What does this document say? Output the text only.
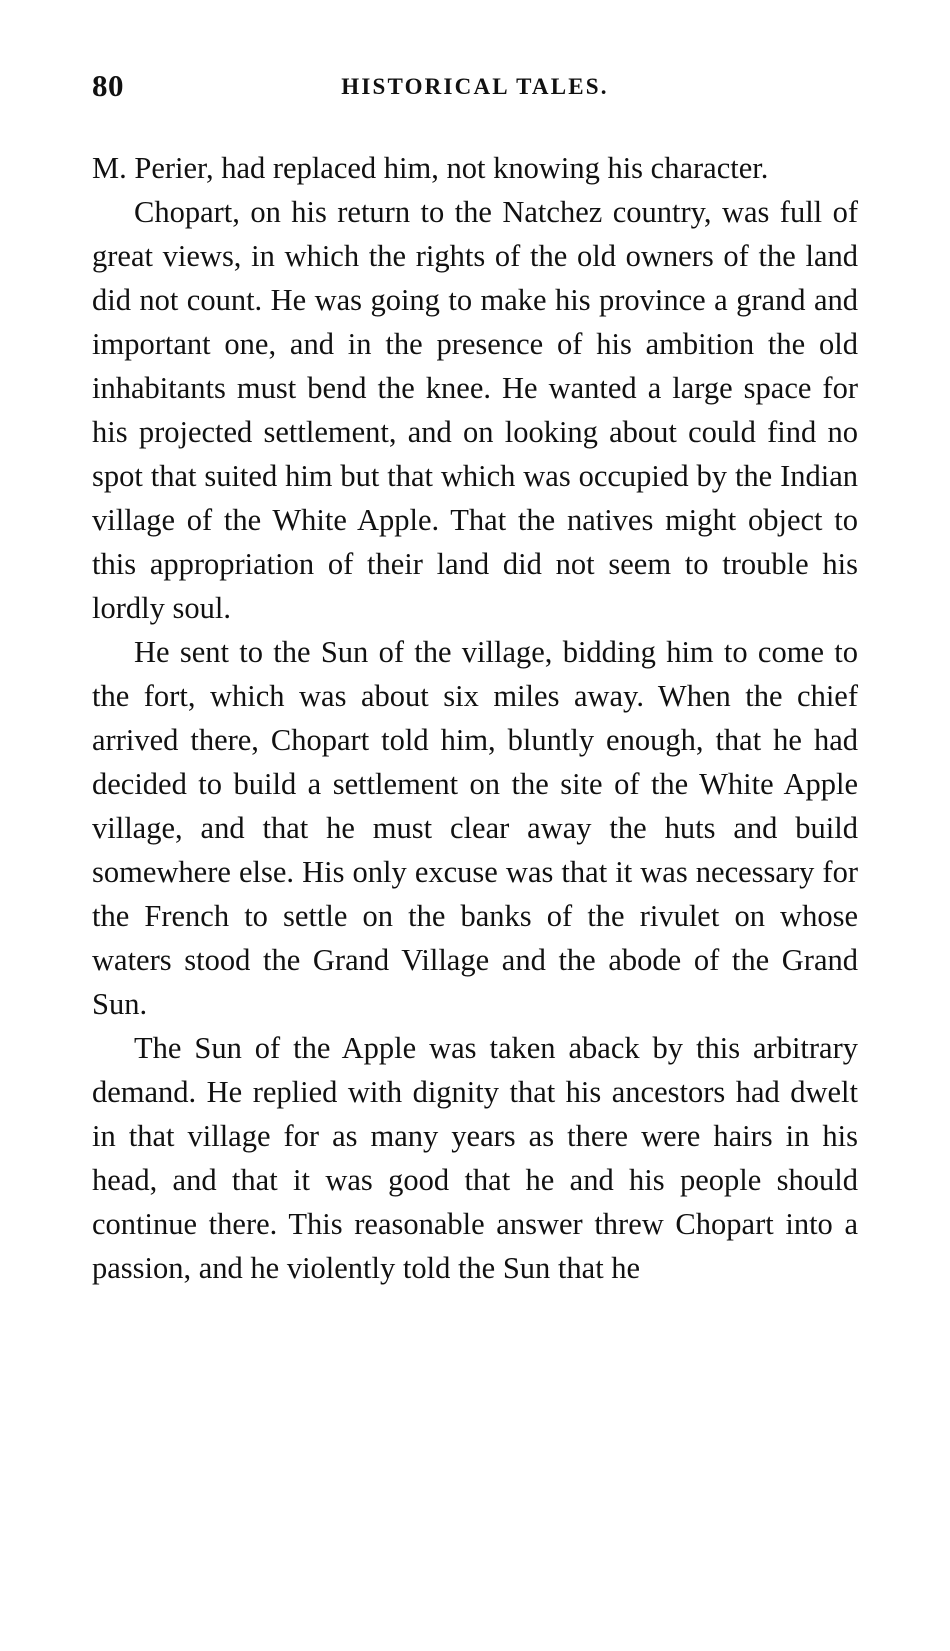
80	HISTORICAL TALES.

M. Perier, had replaced him, not knowing his character.

Chopart, on his return to the Natchez country, was full of great views, in which the rights of the old owners of the land did not count. He was going to make his province a grand and important one, and in the presence of his ambition the old inhabitants must bend the knee. He wanted a large space for his projected settlement, and on looking about could find no spot that suited him but that which was occupied by the Indian village of the White Apple. That the natives might object to this appropriation of their land did not seem to trouble his lordly soul.

He sent to the Sun of the village, bidding him to come to the fort, which was about six miles away. When the chief arrived there, Chopart told him, bluntly enough, that he had decided to build a settlement on the site of the White Apple village, and that he must clear away the huts and build somewhere else. His only excuse was that it was necessary for the French to settle on the banks of the rivulet on whose waters stood the Grand Village and the abode of the Grand Sun.

The Sun of the Apple was taken aback by this arbitrary demand. He replied with dignity that his ancestors had dwelt in that village for as many years as there were hairs in his head, and that it was good that he and his people should continue there. This reasonable answer threw Chopart into a passion, and he violently told the Sun that he
